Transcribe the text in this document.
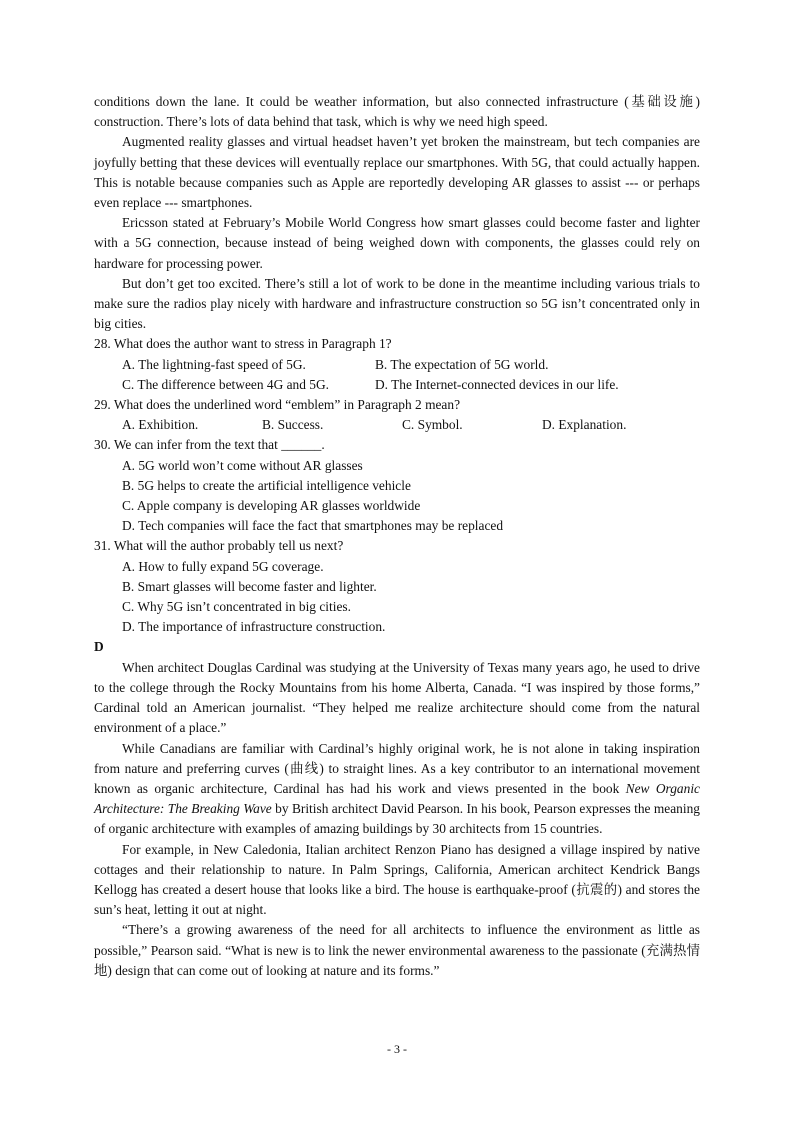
conditions down the lane. It could be weather information, but also connected infrastructure (基础设施) construction. There’s lots of data behind that task, which is why we need high speed.

Augmented reality glasses and virtual headset haven’t yet broken the mainstream, but tech companies are joyfully betting that these devices will eventually replace our smartphones. With 5G, that could actually happen. This is notable because companies such as Apple are reportedly developing AR glasses to assist --- or perhaps even replace --- smartphones.

Ericsson stated at February’s Mobile World Congress how smart glasses could become faster and lighter with a 5G connection, because instead of being weighed down with components, the glasses could rely on hardware for processing power.

But don’t get too excited. There’s still a lot of work to be done in the meantime including various trials to make sure the radios play nicely with hardware and infrastructure construction so 5G isn’t concentrated only in big cities.

28. What does the author want to stress in Paragraph 1?

A. The lightning-fast speed of 5G.	B. The expectation of 5G world.
C. The difference between 4G and 5G.	D. The Internet-connected devices in our life.

29. What does the underlined word “emblem” in Paragraph 2 mean?

A. Exhibition.	B. Success.	C. Symbol.	D. Explanation.

30. We can infer from the text that ______.

A. 5G world won’t come without AR glasses

B. 5G helps to create the artificial intelligence vehicle

C. Apple company is developing AR glasses worldwide

D. Tech companies will face the fact that smartphones may be replaced

31. What will the author probably tell us next?

A. How to fully expand 5G coverage.

B. Smart glasses will become faster and lighter.

C. Why 5G isn’t concentrated in big cities.

D. The importance of infrastructure construction.

D

When architect Douglas Cardinal was studying at the University of Texas many years ago, he used to drive to the college through the Rocky Mountains from his home Alberta, Canada. “I was inspired by those forms,” Cardinal told an American journalist. “They helped me realize architecture should come from the natural environment of a place.”

While Canadians are familiar with Cardinal’s highly original work, he is not alone in taking inspiration from nature and preferring curves (曲线) to straight lines. As a key contributor to an international movement known as organic architecture, Cardinal has had his work and views presented in the book New Organic Architecture: The Breaking Wave by British architect David Pearson. In his book, Pearson expresses the meaning of organic architecture with examples of amazing buildings by 30 architects from 15 countries.

For example, in New Caledonia, Italian architect Renzon Piano has designed a village inspired by native cottages and their relationship to nature. In Palm Springs, California, American architect Kendrick Bangs Kellogg has created a desert house that looks like a bird. The house is earthquake-proof (抗震的) and stores the sun’s heat, letting it out at night.

“There’s a growing awareness of the need for all architects to influence the environment as little as possible,” Pearson said. “What is new is to link the newer environmental awareness to the passionate (充满热情地) design that can come out of looking at nature and its forms.”

- 3 -
